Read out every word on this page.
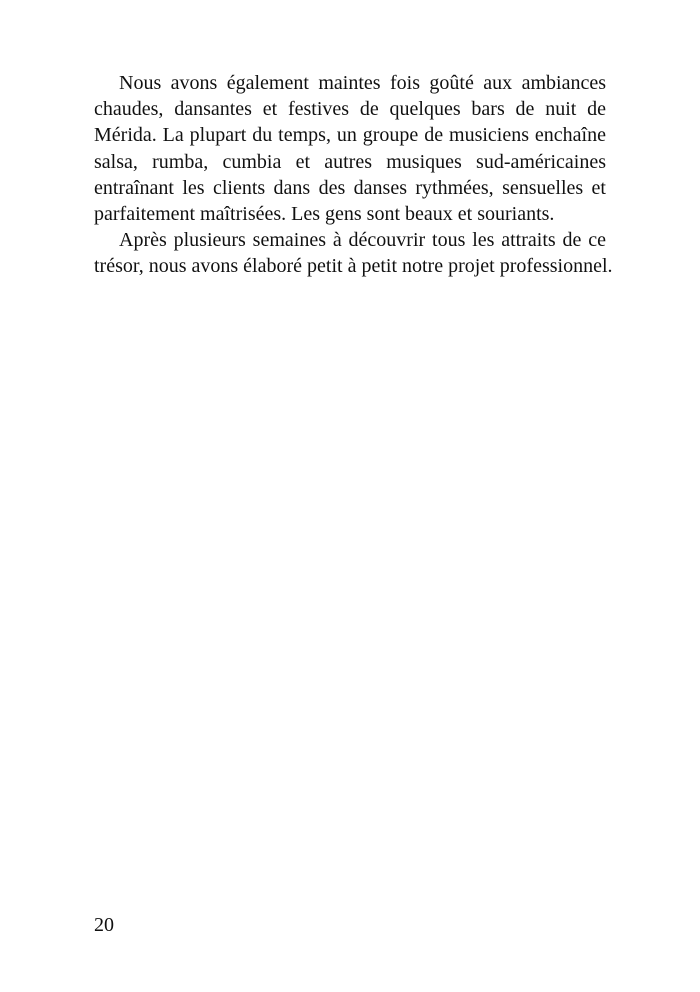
Nous avons également maintes fois goûté aux ambiances
chaudes, dansantes et festives de quelques bars de nuit de
Mérida. La plupart du temps, un groupe de musiciens enchaîne
salsa, rumba, cumbia et autres musiques sud-américaines
entraînant les clients dans des danses rythmées, sensuelles et
parfaitement maîtrisées. Les gens sont beaux et souriants.
Après plusieurs semaines à découvrir tous les attraits de ce
trésor, nous avons élaboré petit à petit notre projet professionnel.
20
